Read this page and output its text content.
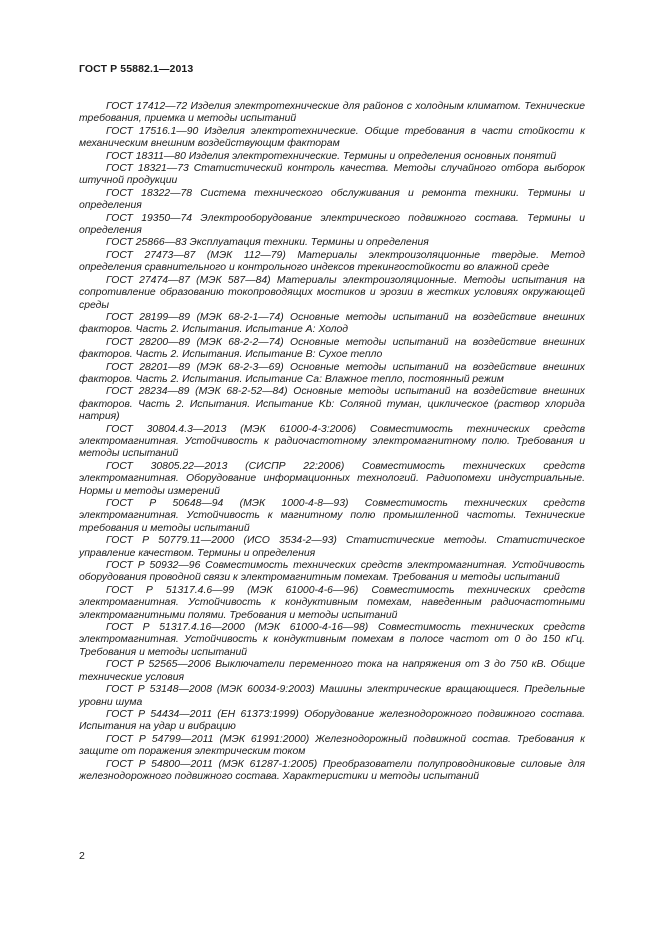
ГОСТ Р 55882.1—2013

ГОСТ 17412—72 Изделия электротехнические для районов с холодным климатом. Технические требования, приемка и методы испытаний

ГОСТ 17516.1—90 Изделия электротехнические. Общие требования в части стойкости к механическим внешним воздействующим факторам

ГОСТ 18311—80 Изделия электротехнические. Термины и определения основных понятий

ГОСТ 18321—73 Статистический контроль качества. Методы случайного отбора выборок штучной продукции

ГОСТ 18322—78 Система технического обслуживания и ремонта техники. Термины и определения

ГОСТ 19350—74 Электрооборудование электрического подвижного состава. Термины и определения

ГОСТ 25866—83 Эксплуатация техники. Термины и определения

ГОСТ 27473—87 (МЭК 112—79) Материалы электроизоляционные твердые. Метод определения сравнительного и контрольного индексов трекингостойкости во влажной среде

ГОСТ 27474—87 (МЭК 587—84) Материалы электроизоляционные. Методы испытания на сопротивление образованию токопроводящих мостиков и эрозии в жестких условиях окружающей среды

ГОСТ 28199—89 (МЭК 68-2-1—74) Основные методы испытаний на воздействие внешних факторов. Часть 2. Испытания. Испытание А: Холод

ГОСТ 28200—89 (МЭК 68-2-2—74) Основные методы испытаний на воздействие внешних факторов. Часть 2. Испытания. Испытание В: Сухое тепло

ГОСТ 28201—89 (МЭК 68-2-3—69) Основные методы испытаний на воздействие внешних факторов. Часть 2. Испытания. Испытание Са: Влажное тепло, постоянный режим

ГОСТ 28234—89 (МЭК 68-2-52—84) Основные методы испытаний на воздействие внешних факторов. Часть 2. Испытания. Испытание Kb: Соляной туман, циклическое (раствор хлорида натрия)

ГОСТ 30804.4.3—2013 (МЭК 61000-4-3:2006) Совместимость технических средств электромагнитная. Устойчивость к радиочастотному электромагнитному полю. Требования и методы испытаний

ГОСТ 30805.22—2013 (СИСПР 22:2006) Совместимость технических средств электромагнитная. Оборудование информационных технологий. Радиопомехи индустриальные. Нормы и методы измерений

ГОСТ Р 50648—94 (МЭК 1000-4-8—93) Совместимость технических средств электромагнитная. Устойчивость к магнитному полю промышленной частоты. Технические требования и методы испытаний

ГОСТ Р 50779.11—2000 (ИСО 3534-2—93) Статистические методы. Статистическое управление качеством. Термины и определения

ГОСТ Р 50932—96 Совместимость технических средств электромагнитная. Устойчивость оборудования проводной связи к электромагнитным помехам. Требования и методы испытаний

ГОСТ Р 51317.4.6—99 (МЭК 61000-4-6—96) Совместимость технических средств электромагнитная. Устойчивость к кондуктивным помехам, наведенным радиочастотными электромагнитными полями. Требования и методы испытаний

ГОСТ Р 51317.4.16—2000 (МЭК 61000-4-16—98) Совместимость технических средств электромагнитная. Устойчивость к кондуктивным помехам в полосе частот от 0 до 150 кГц. Требования и методы испытаний

ГОСТ Р 52565—2006 Выключатели переменного тока на напряжения от 3 до 750 кВ. Общие технические условия

ГОСТ Р 53148—2008 (МЭК 60034-9:2003) Машины электрические вращающиеся. Предельные уровни шума

ГОСТ Р 54434—2011 (ЕН 61373:1999) Оборудование железнодорожного подвижного состава. Испытания на удар и вибрацию

ГОСТ Р 54799—2011 (МЭК 61991:2000) Железнодорожный подвижной состав. Требования к защите от поражения электрическим током

ГОСТ Р 54800—2011 (МЭК 61287-1:2005) Преобразователи полупроводниковые силовые для железнодорожного подвижного состава. Характеристики и методы испытаний

2
